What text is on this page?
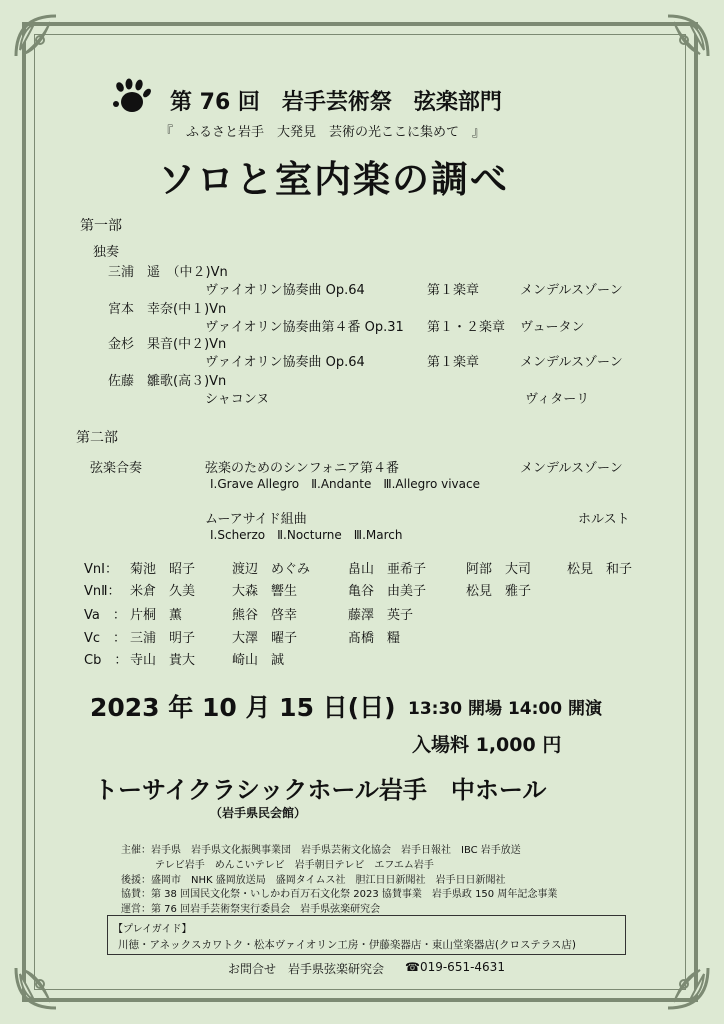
第 76 回　岩手芸術祭　弦楽部門
『　ふるさと岩手　大発見　芸術の光ここに集めて　』
ソロと室内楽の調べ
第一部
独奏
三浦　遥　（中２)Vn
ヴァイオリン協奏曲 Op.64	第１楽章	メンデルスゾーン
宮本　幸奈(中１)Vn
ヴァイオリン協奏曲第４番 Op.31 第１・２楽章 ヴュータン
金杉　果音(中２)Vn
ヴァイオリン協奏曲 Op.64	第１楽章	メンデルスゾーン
佐藤　雛歌(高３)Vn
シャコンヌ	ヴィターリ
第二部
弦楽合奏	弦楽のためのシンフォニア第４番	メンデルスゾーン
Ⅰ.Grave Allegro　Ⅱ.Andante　Ⅲ.Allegro vivace
ムーアサイド組曲	ホルスト
Ⅰ.Scherzo　Ⅱ.Nocturne　Ⅲ.March
VnⅠ： 菊池　昭子	渡辺　めぐみ	畠山　亜希子	阿部　大司	松見　和子
VnⅡ： 米倉　久美	大森　響生	亀谷　由美子	松見　雅子
Va　： 片桐　薫	熊谷　啓幸	藤澤　英子
Vc　： 三浦　明子	大澤　曜子	髙橋　糧
Cb　： 寺山　貴大	崎山　誠
2023 年 10 月 15 日(日) 13:30 開場 14:00 開演
入場料 1,000 円
トーサイクラシックホール岩手　中ホール
（岩手県民会館）
主催：岩手県　岩手県文化振興事業団　岩手県芸術文化協会　岩手日報社　IBC 岩手放送
テレビ岩手　めんこいテレビ　岩手朝日テレビ　エフエム岩手
後援：盛岡市　NHK 盛岡放送局　盛岡タイムス社　胆江日日新聞社　岩手日日新聞社
協賛：第 38 回国民文化祭・いしかわ百万石文化祭 2023 協賛事業　岩手県政 150 周年記念事業
運営：第 76 回岩手芸術祭実行委員会　岩手県弦楽研究会
【プレイガイド】
川徳・アネックスカワトク・松本ヴァイオリン工房・伊藤楽器店・東山堂楽器店(クロステラス店)
お問合せ　岩手県弦楽研究会 ☎019-651-4631
